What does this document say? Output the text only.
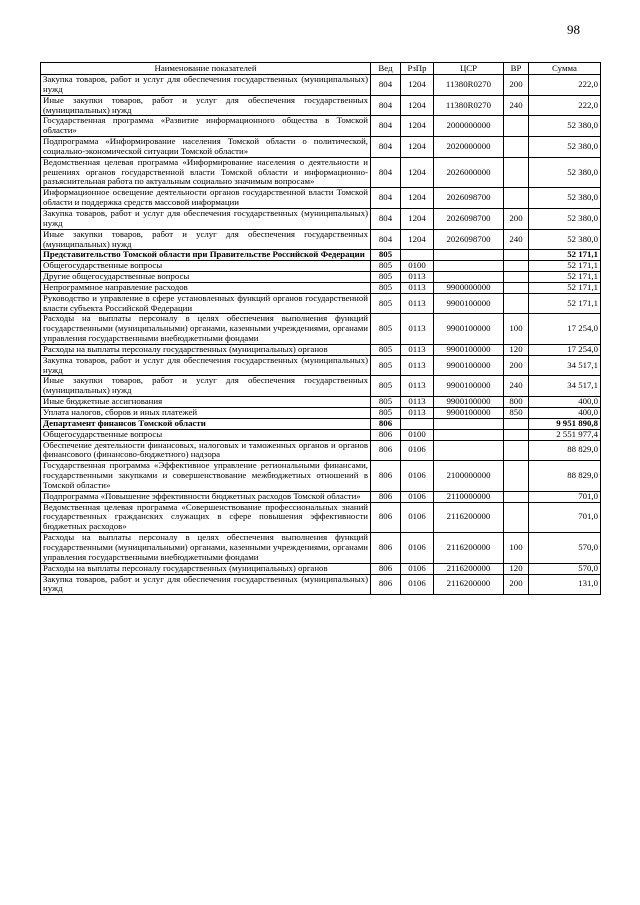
98
Наименование показателей	Вед	РзПр	ЦСР	ВР	Сумма
Закупка товаров, работ и услуг для обеспечения государственных (муниципальных) нужд	804	1204	11380R0270	200	222,0
Иные закупки товаров, работ и услуг для обеспечения государственных (муниципальных) нужд	804	1204	11380R0270	240	222,0
Государственная программа «Развитие информационного общества в Томской области»	804	1204	2000000000		52 380,0
Подпрограмма «Информирование населения Томской области о политической, социально-экономической ситуации Томской области»	804	1204	2020000000		52 380,0
Ведомственная целевая программа «Информирование населения о деятельности и решениях органов государственной власти Томской области и информационно-разъяснительная работа по актуальным социально значимым вопросам»	804	1204	2026000000		52 380,0
Информационное освещение деятельности органов государственной власти Томской области и поддержка средств массовой информации	804	1204	2026098700		52 380,0
Закупка товаров, работ и услуг для обеспечения государственных (муниципальных) нужд	804	1204	2026098700	200	52 380,0
Иные закупки товаров, работ и услуг для обеспечения государственных (муниципальных) нужд	804	1204	2026098700	240	52 380,0
Представительство Томской области при Правительстве Российской Федерации	805				52 171,1
Общегосударственные вопросы	805	0100			52 171,1
Другие общегосударственные вопросы	805	0113			52 171,1
Непрограммное направление расходов	805	0113	9900000000		52 171,1
Руководство и управление в сфере установленных функций органов государственной власти субъекта Российской Федерации	805	0113	9900100000		52 171,1
Расходы на выплаты персоналу в целях обеспечения выполнения функций государственными (муниципальными) органами, казенными учреждениями, органами управления государственными внебюджетными фондами	805	0113	9900100000	100	17 254,0
Расходы на выплаты персоналу государственных (муниципальных) органов	805	0113	9900100000	120	17 254,0
Закупка товаров, работ и услуг для обеспечения государственных (муниципальных) нужд	805	0113	9900100000	200	34 517,1
Иные закупки товаров, работ и услуг для обеспечения государственных (муниципальных) нужд	805	0113	9900100000	240	34 517,1
Иные бюджетные ассигнования	805	0113	9900100000	800	400,0
Уплата налогов, сборов и иных платежей	805	0113	9900100000	850	400,0
Департамент финансов Томской области	806				9 951 890,8
Общегосударственные вопросы	806	0100			2 551 977,4
Обеспечение деятельности финансовых, налоговых и таможенных органов и органов финансового (финансово-бюджетного) надзора	806	0106			88 829,0
Государственная программа «Эффективное управление региональными финансами, государственными закупками и совершенствование межбюджетных отношений в Томской области»	806	0106	2100000000		88 829,0
Подпрограмма «Повышение эффективности бюджетных расходов Томской области»	806	0106	2110000000		701,0
Ведомственная целевая программа «Совершенствование профессиональных знаний государственных гражданских служащих в сфере повышения эффективности бюджетных расходов»	806	0106	2116200000		701,0
Расходы на выплаты персоналу в целях обеспечения выполнения функций государственными (муниципальными) органами, казенными учреждениями, органами управления государственными внебюджетными фондами	806	0106	2116200000	100	570,0
Расходы на выплаты персоналу государственных (муниципальных) органов	806	0106	2116200000	120	570,0
Закупка товаров, работ и услуг для обеспечения государственных (муниципальных) нужд	806	0106	2116200000	200	131,0
